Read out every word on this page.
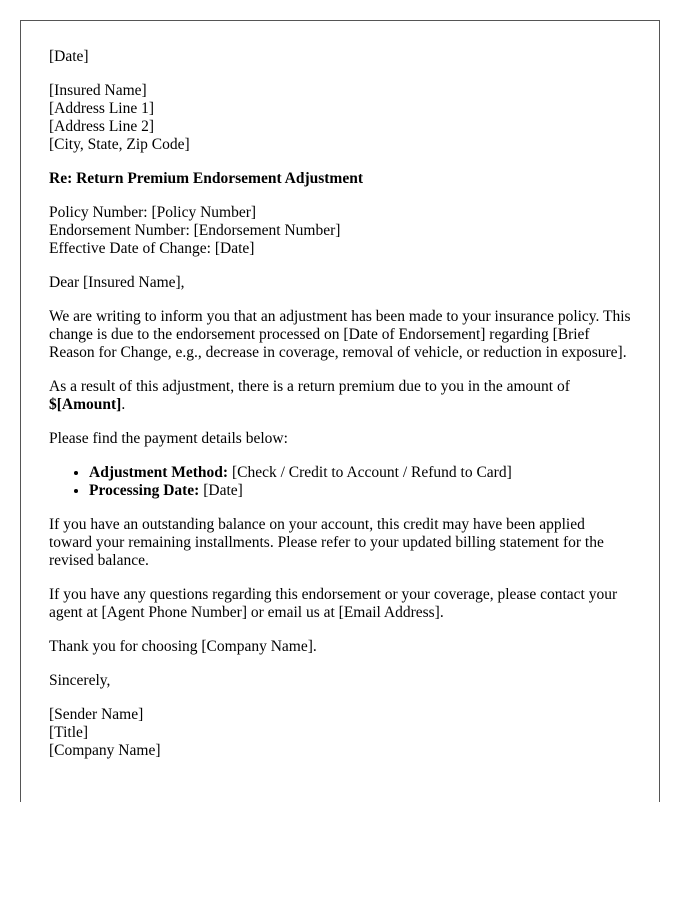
[Date]
[Insured Name]
[Address Line 1]
[Address Line 2]
[City, State, Zip Code]
Re: Return Premium Endorsement Adjustment
Policy Number: [Policy Number]
Endorsement Number: [Endorsement Number]
Effective Date of Change: [Date]

Dear [Insured Name],

We are writing to inform you that an adjustment has been made to your insurance policy. This change is due to the endorsement processed on [Date of Endorsement] regarding [Brief Reason for Change, e.g., decrease in coverage, removal of vehicle, or reduction in exposure].

As a result of this adjustment, there is a return premium due to you in the amount of $[Amount].

Please find the payment details below:

• Adjustment Method: [Check / Credit to Account / Refund to Card]
• Processing Date: [Date]

If you have an outstanding balance on your account, this credit may have been applied toward your remaining installments. Please refer to your updated billing statement for the revised balance.

If you have any questions regarding this endorsement or your coverage, please contact your agent at [Agent Phone Number] or email us at [Email Address].

Thank you for choosing [Company Name].

Sincerely,

[Sender Name]
[Title]
[Company Name]
